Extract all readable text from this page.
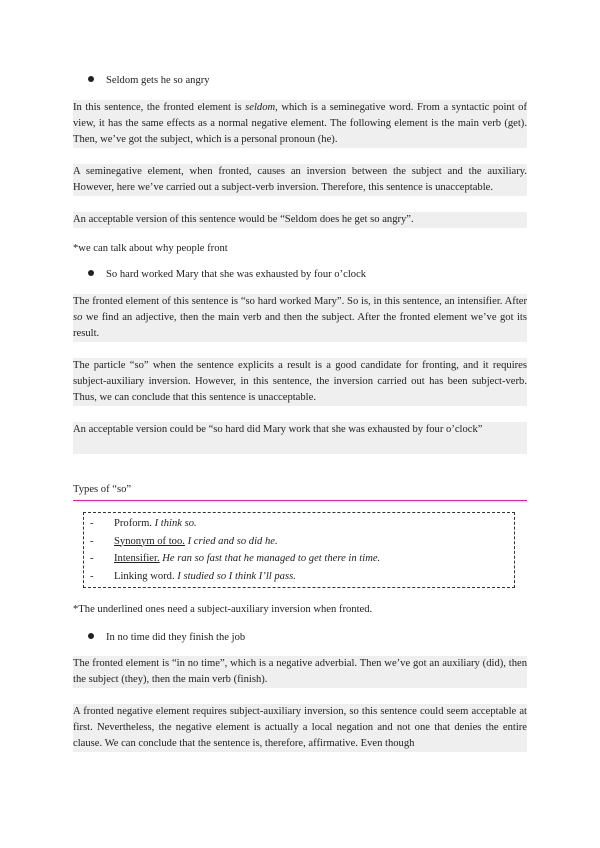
Seldom gets he so angry

In this sentence, the fronted element is seldom, which is a seminegative word. From a syntactic point of view, it has the same effects as a normal negative element. The following element is the main verb (get). Then, we’ve got the subject, which is a personal pronoun (he).

A seminegative element, when fronted, causes an inversion between the subject and the auxiliary. However, here we’ve carried out a subject-verb inversion. Therefore, this sentence is unacceptable.

An acceptable version of this sentence would be “Seldom does he get so angry”.

*we can talk about why people front
So hard worked Mary that she was exhausted by four o’clock

The fronted element of this sentence is “so hard worked Mary”. So is, in this sentence, an intensifier. After so we find an adjective, then the main verb and then the subject. After the fronted element we’ve got its result.

The particle “so” when the sentence explicits a result is a good candidate for fronting, and it requires subject-auxiliary inversion. However, in this sentence, the inversion carried out has been subject-verb. Thus, we can conclude that this sentence is unacceptable.

An acceptable version could be “so hard did Mary work that she was exhausted by four o’clock”

Types of “so”
- Proform. I think so.
- Synonym of too. I cried and so did he.
- Intensifier. He ran so fast that he managed to get there in time.
- Linking word. I studied so I think I’ll pass.
*The underlined ones need a subject-auxiliary inversion when fronted.
In no time did they finish the job

The fronted element is “in no time”, which is a negative adverbial. Then we’ve got an auxiliary (did), then the subject (they), then the main verb (finish).

A fronted negative element requires subject-auxiliary inversion, so this sentence could seem acceptable at first. Nevertheless, the negative element is actually a local negation and not one that denies the entire clause. We can conclude that the sentence is, therefore, affirmative. Even though
